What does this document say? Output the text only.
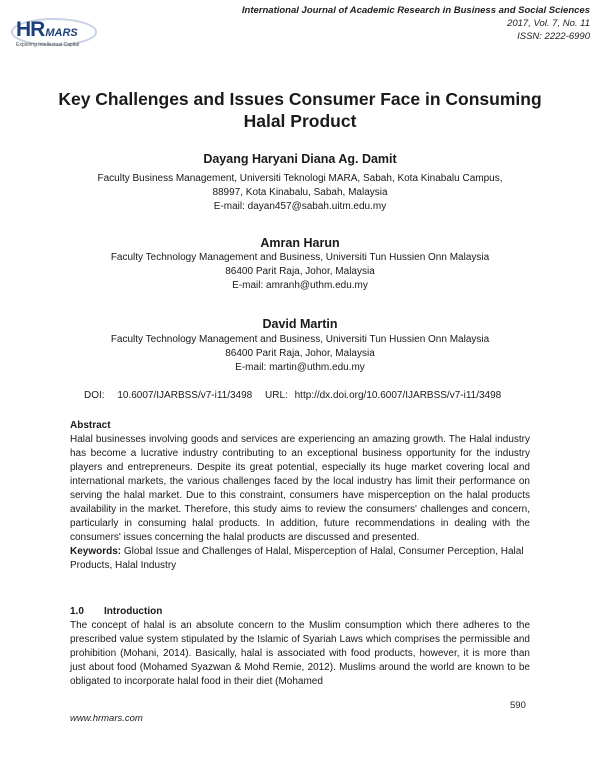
HRMARS
Exploring Intellectual Capital
International Journal of Academic Research in Business and Social Sciences
2017, Vol. 7, No. 11
ISSN: 2222-6990
Key Challenges and Issues Consumer Face in Consuming
Halal Product
Dayang Haryani Diana Ag. Damit
Faculty Business Management, Universiti Teknologi MARA, Sabah, Kota Kinabalu Campus,
88997, Kota Kinabalu, Sabah, Malaysia
E-mail: dayan457@sabah.uitm.edu.my
Amran Harun
Faculty Technology Management and Business, Universiti Tun Hussien Onn Malaysia
86400 Parit Raja, Johor, Malaysia
E-mail: amranh@uthm.edu.my
David Martin
Faculty Technology Management and Business, Universiti Tun Hussien Onn Malaysia
86400 Parit Raja, Johor, Malaysia
E-mail: martin@uthm.edu.my
DOI: 10.6007/IJARBSS/v7-i11/3498 URL: http://dx.doi.org/10.6007/IJARBSS/v7-i11/3498
Abstract
Halal businesses involving goods and services are experiencing an amazing growth. The Halal industry has become a lucrative industry contributing to an exceptional business opportunity for the industry players and entrepreneurs. Despite its great potential, especially its huge market covering local and international markets, the various challenges faced by the local industry has limit their performance on serving the halal market. Due to this constraint, consumers have misperception on the halal products availability in the market. Therefore, this study aims to review the consumers' challenges and concern, particularly in consuming halal products. In addition, future recommendations in dealing with the consumers' issues concerning the halal products are discussed and presented.
Keywords: Global Issue and Challenges of Halal, Misperception of Halal, Consumer Perception, Halal Products, Halal Industry
1.0 Introduction
The concept of halal is an absolute concern to the Muslim consumption which there adheres to the prescribed value system stipulated by the Islamic of Syariah Laws which comprises the permissible and prohibition (Mohani, 2014). Basically, halal is associated with food products, however, it is more than just about food (Mohamed Syazwan & Mohd Remie, 2012). Muslims around the world are known to be obligated to incorporate halal food in their diet (Mohamed
590
www.hrmars.com
